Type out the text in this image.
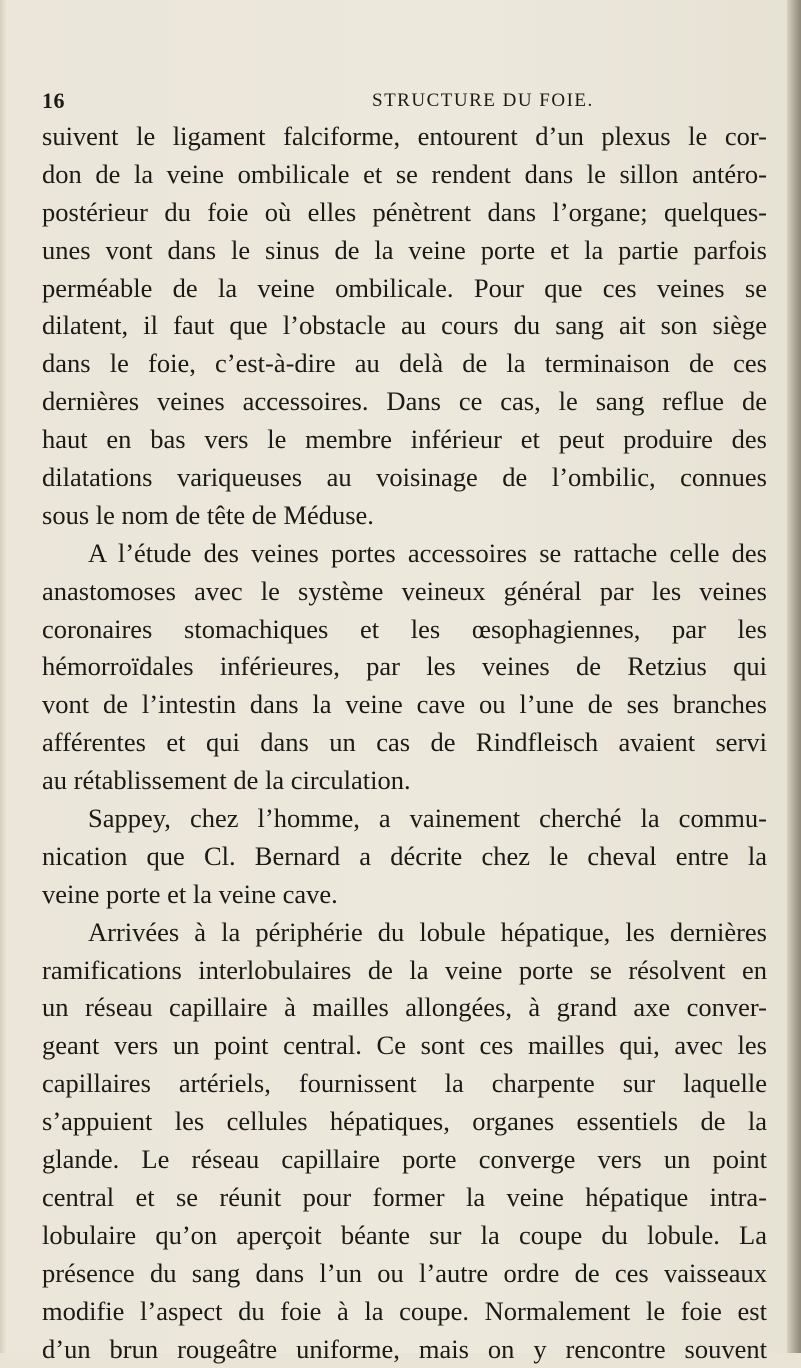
16	STRUCTURE DU FOIE.
suivent le ligament falciforme, entourent d’un plexus le cor-
don de la veine ombilicale et se rendent dans le sillon antéro-
postérieur du foie où elles pénètrent dans l’organe; quelques-
unes vont dans le sinus de la veine porte et la partie parfois
perméable de la veine ombilicale. Pour que ces veines se
dilatent, il faut que l’obstacle au cours du sang ait son siège
dans le foie, c’est-à-dire au delà de la terminaison de ces
dernières veines accessoires. Dans ce cas, le sang reflue de
haut en bas vers le membre inférieur et peut produire des
dilatations variqueuses au voisinage de l’ombilic, connues
sous le nom de tête de Méduse.
A l’étude des veines portes accessoires se rattache celle des
anastomoses avec le système veineux général par les veines
coronaires stomachiques et les œsophagiennes, par les
hémorroïdales inférieures, par les veines de Retzius qui
vont de l’intestin dans la veine cave ou l’une de ses branches
afférentes et qui dans un cas de Rindfleisch avaient servi
au rétablissement de la circulation.
Sappey, chez l’homme, a vainement cherché la commu-
nication que Cl. Bernard a décrite chez le cheval entre la
veine porte et la veine cave.
Arrivées à la périphérie du lobule hépatique, les dernières
ramifications interlobulaires de la veine porte se résolvent en
un réseau capillaire à mailles allongées, à grand axe conver-
geant vers un point central. Ce sont ces mailles qui, avec les
capillaires artériels, fournissent la charpente sur laquelle
s’appuient les cellules hépatiques, organes essentiels de la
glande. Le réseau capillaire porte converge vers un point
central et se réunit pour former la veine hépatique intra-
lobulaire qu’on aperçoit béante sur la coupe du lobule. La
présence du sang dans l’un ou l’autre ordre de ces vaisseaux
modifie l’aspect du foie à la coupe. Normalement le foie est
d’un brun rougeâtre uniforme, mais on y rencontre souvent
